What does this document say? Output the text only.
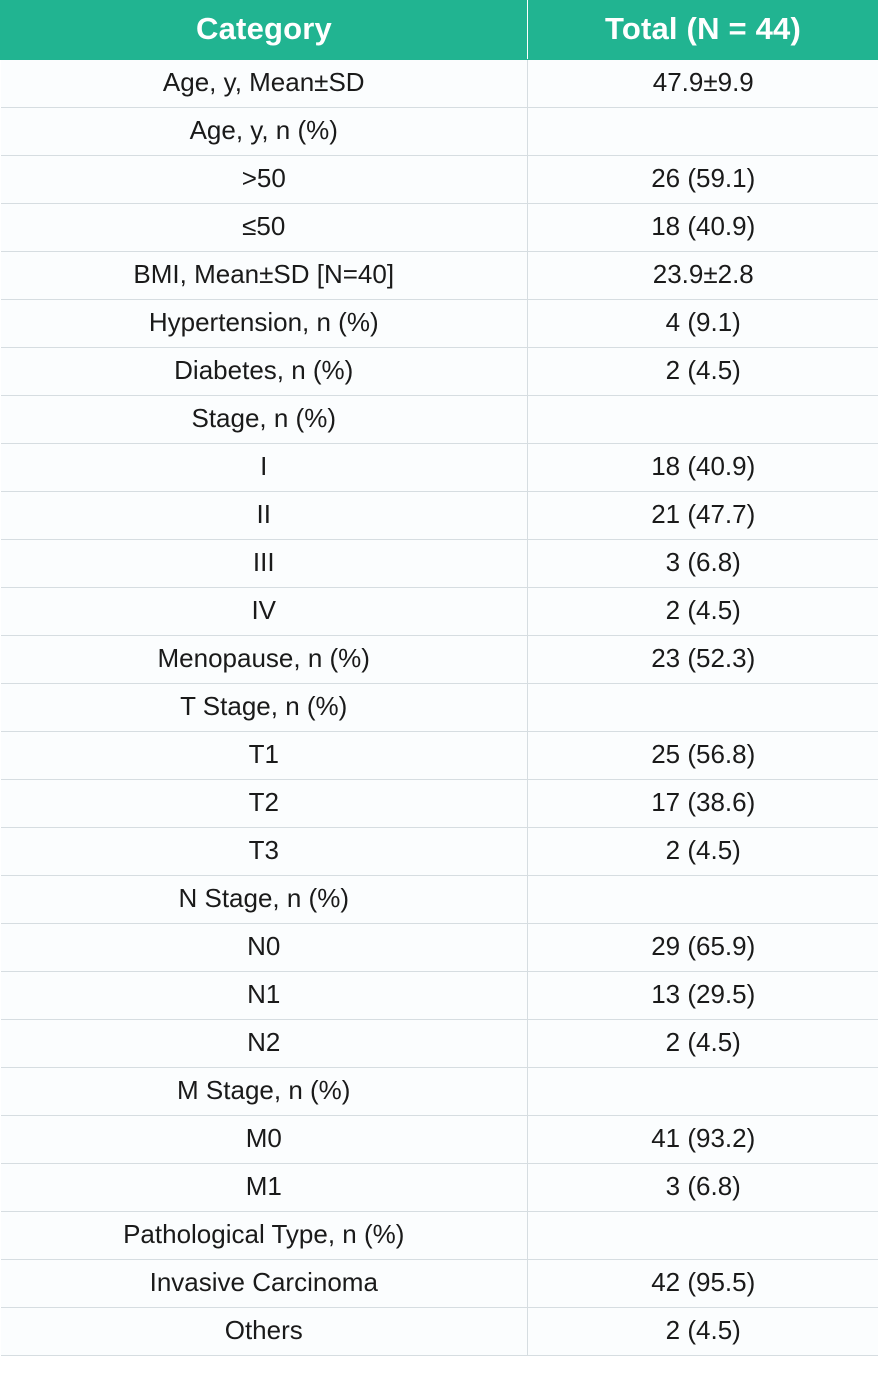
Category	Total (N = 44)
Age, y, Mean±SD	47.9±9.9
Age, y, n (%)	
>50	26 (59.1)
≤50	18 (40.9)
BMI, Mean±SD [N=40]	23.9±2.8
Hypertension, n (%)	4 (9.1)
Diabetes, n (%)	2 (4.5)
Stage, n (%)	
I	18 (40.9)
II	21 (47.7)
III	3 (6.8)
IV	2 (4.5)
Menopause, n (%)	23 (52.3)
T Stage, n (%)	
T1	25 (56.8)
T2	17 (38.6)
T3	2 (4.5)
N Stage, n (%)	
N0	29 (65.9)
N1	13 (29.5)
N2	2 (4.5)
M Stage, n (%)	
M0	41 (93.2)
M1	3 (6.8)
Pathological Type, n (%)	
Invasive Carcinoma	42 (95.5)
Others	2 (4.5)
